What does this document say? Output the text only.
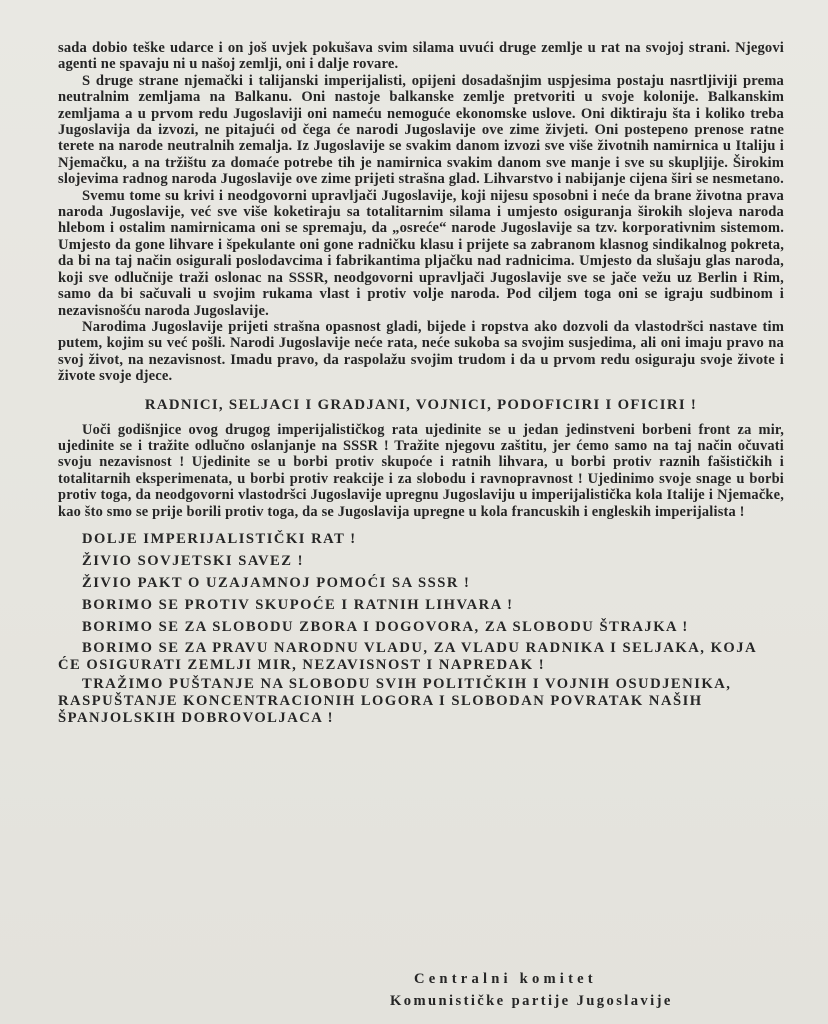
sada dobio teške udarce i on još uvjek pokušava svim silama uvući druge zemlje u rat na svojoj strani. Njegovi agenti ne spavaju ni u našoj zemlji, oni i dalje rovare.

S druge strane njemački i talijanski imperijalisti, opijeni dosadašnjim uspjesima postaju nasrtljiviji prema neutralnim zemljama na Balkanu. Oni nastoje balkanske zemlje pretvoriti u svoje kolonije. Balkanskim zemljama a u prvom redu Jugoslaviji oni nameću nemoguće ekonomske uslove. Oni diktiraju šta i koliko treba Jugoslavija da izvozi, ne pitajući od čega će narodi Jugoslavije ove zime živjeti. Oni postepeno prenose ratne terete na narode neutralnih zemalja. Iz Jugoslavije se svakim danom izvozi sve više životnih namirnica u Italiju i Njemačku, a na tržištu za domaće potrebe tih je namirnica svakim danom sve manje i sve su skupljije. Širokim slojevima radnog naroda Jugoslavije ove zime prijeti strašna glad. Lihvarstvo i nabijanje cijena širi se nesmetano.

Svemu tome su krivi i neodgovorni upravljači Jugoslavije, koji nijesu sposobni i neće da brane životna prava naroda Jugoslavije, već sve više koketiraju sa totalitarnim silama i umjesto osiguranja širokih slojeva naroda hlebom i ostalim namirnicama oni se spremaju, da „osreće“ narode Jugoslavije sa tzv. korporativnim sistemom. Umjesto da gone lihvare i špekulante oni gone radničku klasu i prijete sa zabranom klasnog sindikalnog pokreta, da bi na taj način osigurali poslodavcima i fabrikantima pljačku nad radnicima. Umjesto da slušaju glas naroda, koji sve odlučnije traži oslonac na SSSR, neodgovorni upravljači Jugoslavije sve se jače vežu uz Berlin i Rim, samo da bi sačuvali u svojim rukama vlast i protiv volje naroda. Pod ciljem toga oni se igraju sudbinom i nezavisnošću naroda Jugoslavije.

Narodima Jugoslavije prijeti strašna opasnost gladi, bijede i ropstva ako dozvoli da vlastodršci nastave tim putem, kojim su već pošli. Narodi Jugoslavije neće rata, neće sukoba sa svojim susjedima, ali oni imaju pravo na svoj život, na nezavisnost. Imadu pravo, da raspolažu svojim trudom i da u prvom redu osiguraju svoje živote i živote svoje djece.

RADNICI, SELJACI I GRADJANI, VOJNICI, PODOFICIRI I OFICIRI !

Uoči godišnjice ovog drugog imperijalističkog rata ujedinite se u jedan jedinstveni borbeni front za mir, ujedinite se i tražite odlučno oslanjanje na SSSR ! Tražite njegovu zaštitu, jer ćemo samo na taj način očuvati svoju nezavisnost ! Ujedinite se u borbi protiv skupoće i ratnih lihvara, u borbi protiv raznih fašističkih i totalitarnih eksperimenata, u borbi protiv reakcije i za slobodu i ravnopravnost ! Ujedinimo svoje snage u borbi protiv toga, da neodgovorni vlastodršci Jugoslavije upregnu Jugoslaviju u imperijalistička kola Italije i Njemačke, kao što smo se prije borili protiv toga, da se Jugoslavija upregne u kola francuskih i engleskih imperijalista !

DOLJE IMPERIJALISTIČKI RAT !
ŽIVIO SOVJETSKI SAVEZ !
ŽIVIO PAKT O UZAJAMNOJ POMOĆI SA SSSR !
BORIMO SE PROTIV SKUPOĆE I RATNIH LIHVARA !
BORIMO SE ZA SLOBODU ZBORA I DOGOVORA, ZA SLOBODU ŠTRAJKA !
BORIMO SE ZA PRAVU NARODNU VLADU, ZA VLADU RADNIKA I SELJAKA, KOJA ĆE OSIGURATI ZEMLJI MIR, NEZAVISNOST I NAPREDAK !
TRAŽIMO PUŠTANJE NA SLOBODU SVIH POLITIČKIH I VOJNIH OSUDJENIKA, RASPUŠTANJE KONCENTRACIONIH LOGORA I SLOBODAN POVRATAK NAŠIH ŠPANJOLSKIH DOBROVOLJACA !
Centralni komitet
Komunističke partije Jugoslavije
